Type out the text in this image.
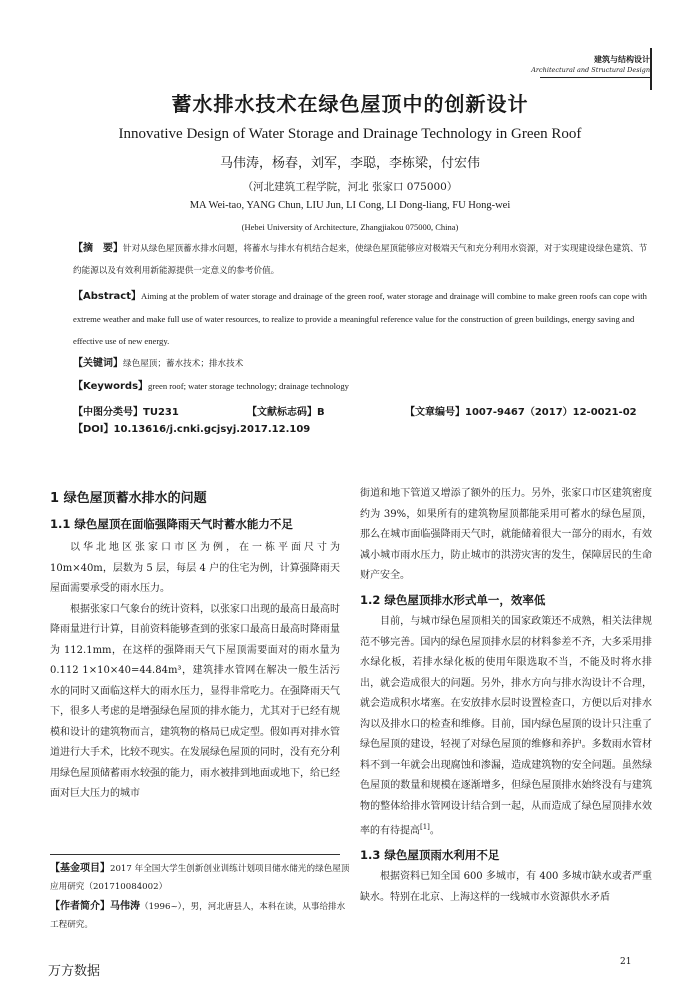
建筑与结构设计
Architectural and Structural Design
蓄水排水技术在绿色屋顶中的创新设计
Innovative Design of Water Storage and Drainage Technology in Green Roof
马伟涛，杨春，刘军，李聪，李栋梁，付宏伟
（河北建筑工程学院，河北 张家口 075000）
MA Wei-tao, YANG Chun, LIU Jun, LI Cong, LI Dong-liang, FU Hong-wei
(Hebei University of Architecture, Zhangjiakou 075000, China)
【摘　要】针对从绿色屋顶蓄水排水问题，将蓄水与排水有机结合起来，使绿色屋顶能够应对极端天气和充分利用水资源，对于实现建设绿色建筑、节约能源以及有效利用新能源提供一定意义的参考价值。
【Abstract】Aiming at the problem of water storage and drainage of the green roof, water storage and drainage will combine to make green roofs can cope with extreme weather and make full use of water resources, to realize to provide a meaningful reference value for the construction of green buildings, energy saving and effective use of new energy.
【关键词】绿色屋顶；蓄水技术；排水技术
【Keywords】green roof; water storage technology; drainage technology
【中图分类号】TU231	【文献标志码】B	【文章编号】1007-9467（2017）12-0021-02
【DOI】10.13616/j.cnki.gcjsyj.2017.12.109
1 绿色屋顶蓄水排水的问题
1.1 绿色屋顶在面临强降雨天气时蓄水能力不足

以华北地区张家口市区为例，在一栋平面尺寸为 10m×40m，层数为 5 层，每层 4 户的住宅为例，计算强降雨天屋面需要承受的雨水压力。

根据张家口气象台的统计资料，以张家口出现的最高日最高时降雨量进行计算，目前资料能够查到的张家口最高日最高时降雨量为 112.1mm，在这样的强降雨天气下屋顶需要面对的雨水量为 0.112 1×10×40=44.84m³，建筑排水管网在解决一般生活污水的同时又面临这样大的雨水压力，显得非常吃力。在强降雨天气下，很多人考虑的是增强绿色屋顶的排水能力，尤其对于已经有规模和设计的建筑物而言，建筑物的格局已成定型。假如再对排水管道进行大手术，比较不现实。在发展绿色屋顶的同时，没有充分利用绿色屋顶储蓄雨水较强的能力，雨水被排到地面或地下，给已经面对巨大压力的城市

街道和地下管道又增添了额外的压力。另外，张家口市区建筑密度约为 39%，如果所有的建筑物屋顶都能采用可蓄水的绿色屋顶，那么在城市面临强降雨天气时，就能储着很大一部分的雨水，有效减小城市雨水压力，防止城市的洪涝灾害的发生，保障居民的生命财产安全。

1.2 绿色屋顶排水形式单一，效率低

目前，与城市绿色屋顶相关的国家政策还不成熟，相关法律规范不够完善。国内的绿色屋顶排水层的材料参差不齐，大多采用排水绿化板，若排水绿化板的使用年限选取不当，不能及时将水排出，就会造成很大的问题。另外，排水方向与排水沟设计不合理，就会造成积水堵塞。在安放排水层时设置检查口，方便以后对排水沟以及排水口的检查和维修。目前，国内绿色屋顶的设计只注重了绿色屋顶的建设，轻视了对绿色屋顶的维修和养护。多数雨水管材料不到一年就会出现腐蚀和渗漏，造成建筑物的安全问题。虽然绿色屋顶的数量和规模在逐渐增多，但绿色屋顶排水始终没有与建筑物的整体给排水管网设计结合到一起，从而造成了绿色屋顶排水效率的有待提高[1]。

1.3 绿色屋顶雨水利用不足

根据资料已知全国 600 多城市，有 400 多城市缺水或者严重缺水。特别在北京、上海这样的一线城市水资源供水矛盾

【基金项目】2017 年全国大学生创新创业训练计划项目储水储光的绿色屋顶应用研究（201710084002）
【作者简介】马伟涛（1996~），男，河北唐县人，本科在读，从事给排水工程研究。
21
万方数据
